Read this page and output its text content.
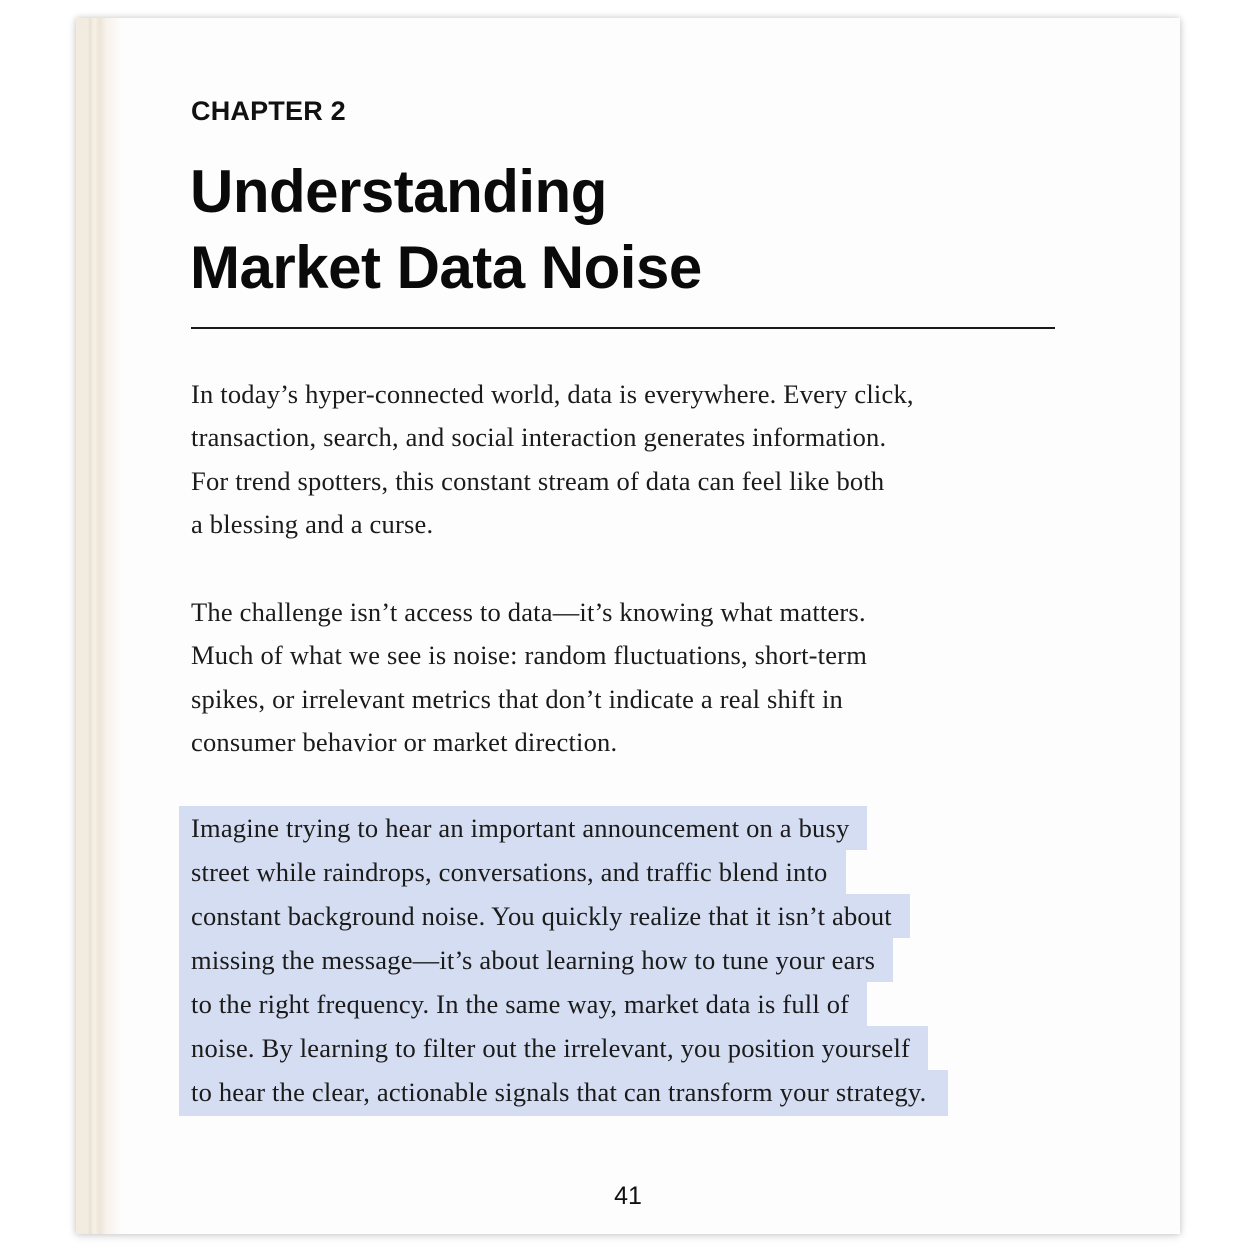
CHAPTER 2
Understanding
Market Data Noise
In today’s hyper-connected world, data is everywhere. Every click,
transaction, search, and social interaction generates information.
For trend spotters, this constant stream of data can feel like both
a blessing and a curse.
The challenge isn’t access to data—it’s knowing what matters.
Much of what we see is noise: random fluctuations, short-term
spikes, or irrelevant metrics that don’t indicate a real shift in
consumer behavior or market direction.
Imagine trying to hear an important announcement on a busy
street while raindrops, conversations, and traffic blend into
constant background noise. You quickly realize that it isn’t about
missing the message—it’s about learning how to tune your ears
to the right frequency. In the same way, market data is full of
noise. By learning to filter out the irrelevant, you position yourself
to hear the clear, actionable signals that can transform your strategy.
41
